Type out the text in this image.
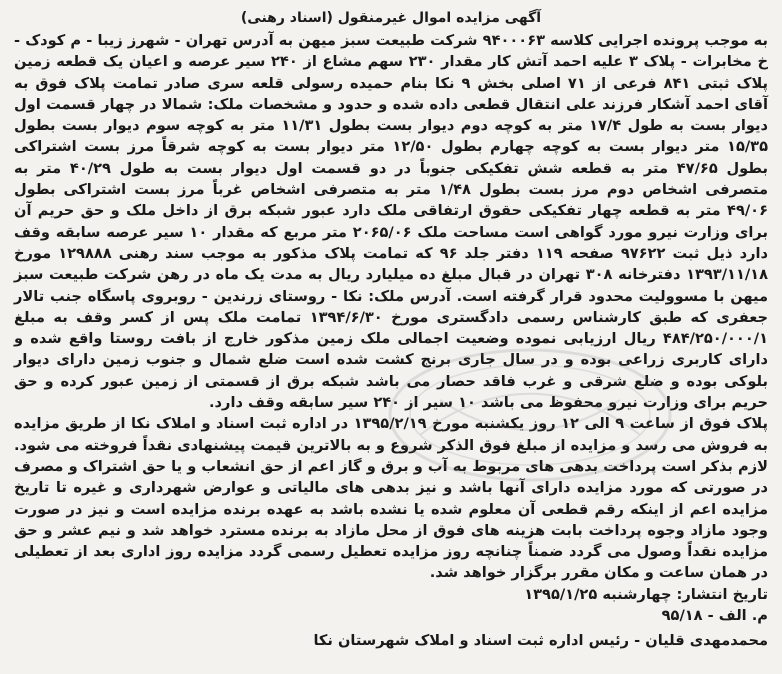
آگهی مزایده اموال غیرمنقول (اسناد رهنی)

به موجب پرونده اجرایی کلاسه ۹۴۰۰۰۶۳ شرکت طبیعت سبز میهن به آدرس تهران - شهرز زیبا - م کودک - خ مخابرات - پلاک ۳ علیه احمد آتش کار مقدار ۲۳۰ سهم مشاع از ۲۴۰ سیر عرصه و اعیان یک قطعه زمین پلاک ثبتی ۸۴۱ فرعی از ۷۱ اصلی بخش ۹ نکا بنام حمیده رسولی قلعه سری صادر تمامت پلاک فوق به آقای احمد آشکار فرزند علی انتقال قطعی داده شده و حدود و مشخصات ملک: شمالا در چهار قسمت اول دیوار بست به طول ۱۷/۴ متر به کوچه دوم دیوار بست بطول ۱۱/۳۱ متر به کوچه سوم دیوار بست بطول ۱۵/۳۵ متر دیوار بست به کوچه چهارم بطول ۱۲/۵۰ متر دیوار بست به کوچه شرقاً مرز بست اشتراکی بطول ۴۷/۶۵ متر به قطعه شش تفکیکی جنوباً در دو قسمت اول دیوار بست به طول ۴۰/۲۹ متر به متصرفی اشخاص دوم مرز بست بطول ۱/۴۸ متر به متصرفی اشخاص غرباً مرز بست اشتراکی بطول ۴۹/۰۶ متر به قطعه چهار تفکیکی حقوق ارتفاقی ملک دارد عبور شبکه برق از داخل ملک و حق حریم آن برای وزارت نیرو مورد گواهی است مساحت ملک ۲۰۶۵/۰۶ متر مربع که مقدار ۱۰ سیر عرصه سابقه وقف دارد ذیل ثبت ۹۷۶۲۲ صفحه ۱۱۹ دفتر جلد ۹۶ که تمامت پلاک مذکور به موجب سند رهنی ۱۲۹۸۸۸ مورخ ۱۳۹۳/۱۱/۱۸ دفترخانه ۳۰۸ تهران در قبال مبلغ ده میلیارد ریال به مدت یک ماه در رهن شرکت طبیعت سبز میهن با مسوولیت محدود قرار گرفته است. آدرس ملک: نکا - روستای زرندین - روبروی پاسگاه جنب تالار جعفری که طبق کارشناس رسمی دادگستری مورخ ۱۳۹۴/۶/۳۰ تمامت ملک پس از کسر وقف به مبلغ ۴۸۴/۲۵۰/۰۰۰/۱ ریال ارزیابی نموده وضعیت اجمالی ملک زمین مذکور خارج از بافت روستا واقع شده و دارای کاربری زراعی بوده و در سال جاری برنج کشت شده است ضلع شمال و جنوب زمین دارای دیوار بلوکی بوده و ضلع شرقی و غرب فاقد حصار می باشد شبکه برق از قسمتی از زمین عبور کرده و حق حریم برای وزارت نیرو محفوظ می باشد ۱۰ سیر از ۲۴۰ سیر سابقه وقف دارد.

پلاک فوق از ساعت ۹ الی ۱۲ روز یکشنبه مورخ ۱۳۹۵/۲/۱۹ در اداره ثبت اسناد و املاک نکا از طریق مزایده به فروش می رسد و مزایده از مبلغ فوق الذکر شروع و به بالاترین قیمت پیشنهادی نقداً فروخته می شود. لازم بذکر است پرداخت بدهی های مربوط به آب و برق و گاز اعم از حق انشعاب و یا حق اشتراک و مصرف در صورتی که مورد مزایده دارای آنها باشد و نیز بدهی های مالیاتی و عوارض شهرداری و غیره تا تاریخ مزایده اعم از اینکه رقم قطعی آن معلوم شده یا نشده باشد به عهده برنده مزایده است و نیز در صورت وجود مازاد وجوه پرداخت بابت هزینه های فوق از محل مازاد به برنده مسترد خواهد شد و نیم عشر و حق مزایده نقداً وصول می گردد ضمناً چنانچه روز مزایده تعطیل رسمی گردد مزایده روز اداری بعد از تعطیلی در همان ساعت و مکان مقرر برگزار خواهد شد.

تاریخ انتشار: چهارشنبه ۱۳۹۵/۱/۲۵
م. الف - ۹۵/۱۸
محمدمهدی قلیان - رئیس اداره ثبت اسناد و املاک شهرستان نکا
